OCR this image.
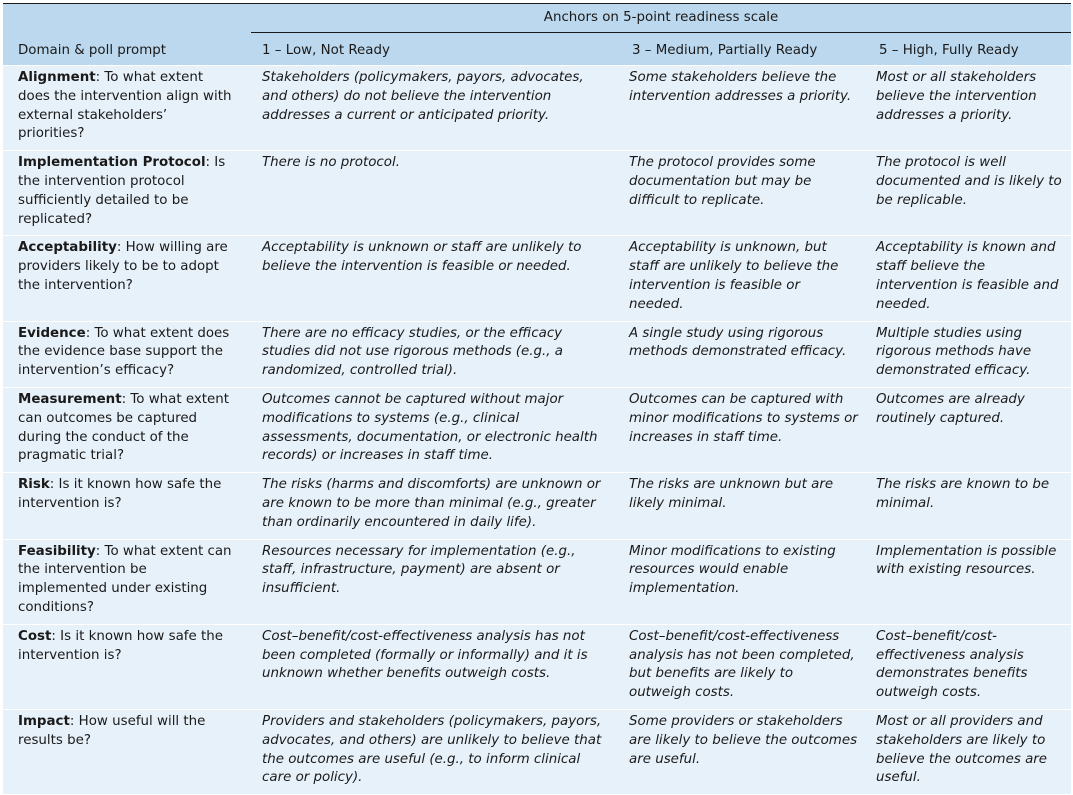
Domain & poll prompt	Anchors on 5-point readiness scale		

	1 – Low, Not Ready	3 – Medium, Partially Ready	5 – High, Fully Ready
Alignment: To what extent does the intervention align with external stakeholders’ priorities?	Stakeholders (policymakers, payors, advocates, and others) do not believe the intervention addresses a current or anticipated priority.	Some stakeholders believe the intervention addresses a priority.	Most or all stakeholders believe the intervention addresses a priority.
Implementation Protocol: Is the intervention protocol sufficiently detailed to be replicated?	There is no protocol.	The protocol provides some documentation but may be difficult to replicate.	The protocol is well documented and is likely to be replicable.
Acceptability: How willing are providers likely to be to adopt the intervention?	Acceptability is unknown or staff are unlikely to believe the intervention is feasible or needed.	Acceptability is unknown, but staff are unlikely to believe the intervention is feasible or needed.	Acceptability is known and staff believe the intervention is feasible and needed.
Evidence: To what extent does the evidence base support the intervention’s efficacy?	There are no efficacy studies, or the efficacy studies did not use rigorous methods (e.g., a randomized, controlled trial).	A single study using rigorous methods demonstrated efficacy.	Multiple studies using rigorous methods have demonstrated efficacy.
Measurement: To what extent can outcomes be captured during the conduct of the pragmatic trial?	Outcomes cannot be captured without major modifications to systems (e.g., clinical assessments, documentation, or electronic health records) or increases in staff time.	Outcomes can be captured with minor modifications to systems or increases in staff time.	Outcomes are already routinely captured.
Risk: Is it known how safe the intervention is?	The risks (harms and discomforts) are unknown or are known to be more than minimal (e.g., greater than ordinarily encountered in daily life).	The risks are unknown but are likely minimal.	The risks are known to be minimal.
Feasibility: To what extent can the intervention be implemented under existing conditions?	Resources necessary for implementation (e.g., staff, infrastructure, payment) are absent or insufficient.	Minor modifications to existing resources would enable implementation.	Implementation is possible with existing resources.
Cost: Is it known how safe the intervention is?	Cost–benefit/cost-effectiveness analysis has not been completed (formally or informally) and it is unknown whether benefits outweigh costs.	Cost–benefit/cost-effectiveness analysis has not been completed, but benefits are likely to outweigh costs.	Cost–benefit/cost-effectiveness analysis demonstrates benefits outweigh costs.
Impact: How useful will the results be?	Providers and stakeholders (policymakers, payors, advocates, and others) are unlikely to believe that the outcomes are useful (e.g., to inform clinical care or policy).	Some providers or stakeholders are likely to believe the outcomes are useful.	Most or all providers and stakeholders are likely to believe the outcomes are useful.
